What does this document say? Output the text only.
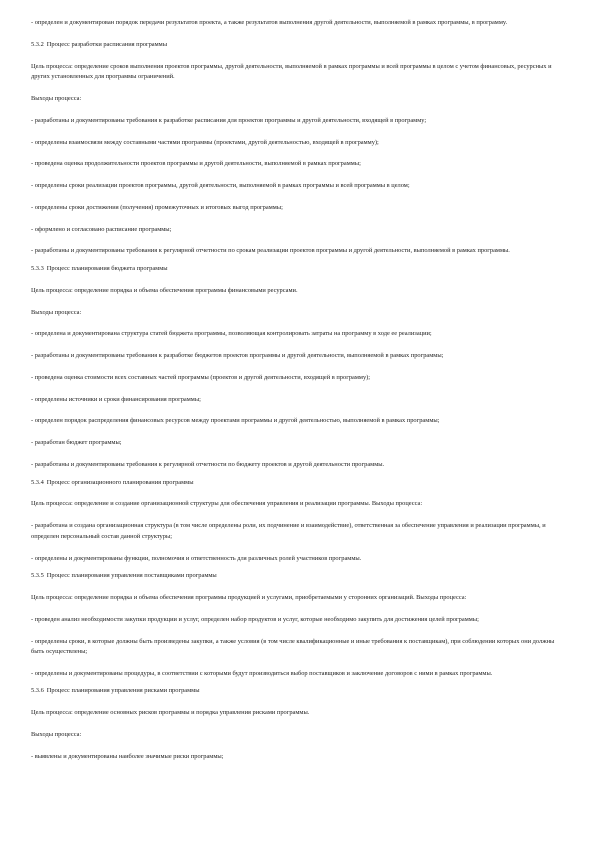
- определен и документирован порядок передачи результатов проекта, а также результатов выполнения другой деятельности, выполняемой в рамках программы, в программу.
5.3.2 Процесс разработки расписания программы
Цель процесса: определение сроков выполнения проектов программы, другой деятельности, выполняемой в рамках программы и всей программы в целом с учетом финансовых, ресурсных и других установленных для программы ограничений.
Выходы процесса:
- разработаны и документированы требования к разработке расписания для проектов программы и другой деятельности, входящей в программу;
- определены взаимосвязи между составными частями программы (проектами, другой деятельностью, входящей в программу);
- проведена оценка продолжительности проектов программы и другой деятельности, выполняемой в рамках программы;
- определены сроки реализации проектов программы, другой деятельности, выполняемой в рамках программы и всей программы в целом;
- определены сроки достижения (получения) промежуточных и итоговых выгод программы;
- оформлено и согласовано расписание программы;
- разработаны и документированы требования к регулярной отчетности по срокам реализации проектов программы и другой деятельности, выполняемой в рамках программы.
5.3.3 Процесс планирования бюджета программы
Цель процесса: определение порядка и объема обеспечения программы финансовыми ресурсами.
Выходы процесса:
- определена и документирована структура статей бюджета программы, позволяющая контролировать затраты на программу в ходе ее реализации;
- разработаны и документированы требования к разработке бюджетов проектов программы и другой деятельности, выполняемой в рамках программы;
- проведена оценка стоимости всех составных частей программы (проектов и другой деятельности, входящей в программу);
- определены источники и сроки финансирования программы;
- определен порядок распределения финансовых ресурсов между проектами программы и другой деятельностью, выполняемой в рамках программы;
- разработан бюджет программы;
- разработаны и документированы требования к регулярной отчетности по бюджету проектов и другой деятельности программы.
5.3.4 Процесс организационного планирования программы
Цель процесса: определение и создание организационной структуры для обеспечения управления и реализации программы. Выходы процесса:
- разработана и создана организационная структура (в том числе определены роли, их подчинение и взаимодействие), ответственная за обеспечение управления и реализации программы, и определен персональный состав данной структуры;
- определены и документированы функции, полномочия и ответственность для различных ролей участников программы.
5.3.5 Процесс планирования управления поставщиками программы
Цель процесса: определение порядка и объема обеспечения программы продукцией и услугами, приобретаемыми у сторонних организаций. Выходы процесса:
- проведен анализ необходимости закупки продукции и услуг, определен набор продуктов и услуг, которые необходимо закупить для достижения целей программы;
- определены сроки, в которые должны быть произведены закупки, а также условия (в том числе квалификационные и иные требования к поставщикам), при соблюдении которых они должны быть осуществлены;
- определены и документированы процедуры, в соответствии с которыми будут производиться выбор поставщиков и заключение договоров с ними в рамках программы.
5.3.6 Процесс планирования управления рисками программы
Цель процесса: определение основных рисков программы и порядка управления рисками программы.
Выходы процесса:
- выявлены и документированы наиболее значимые риски программы;
